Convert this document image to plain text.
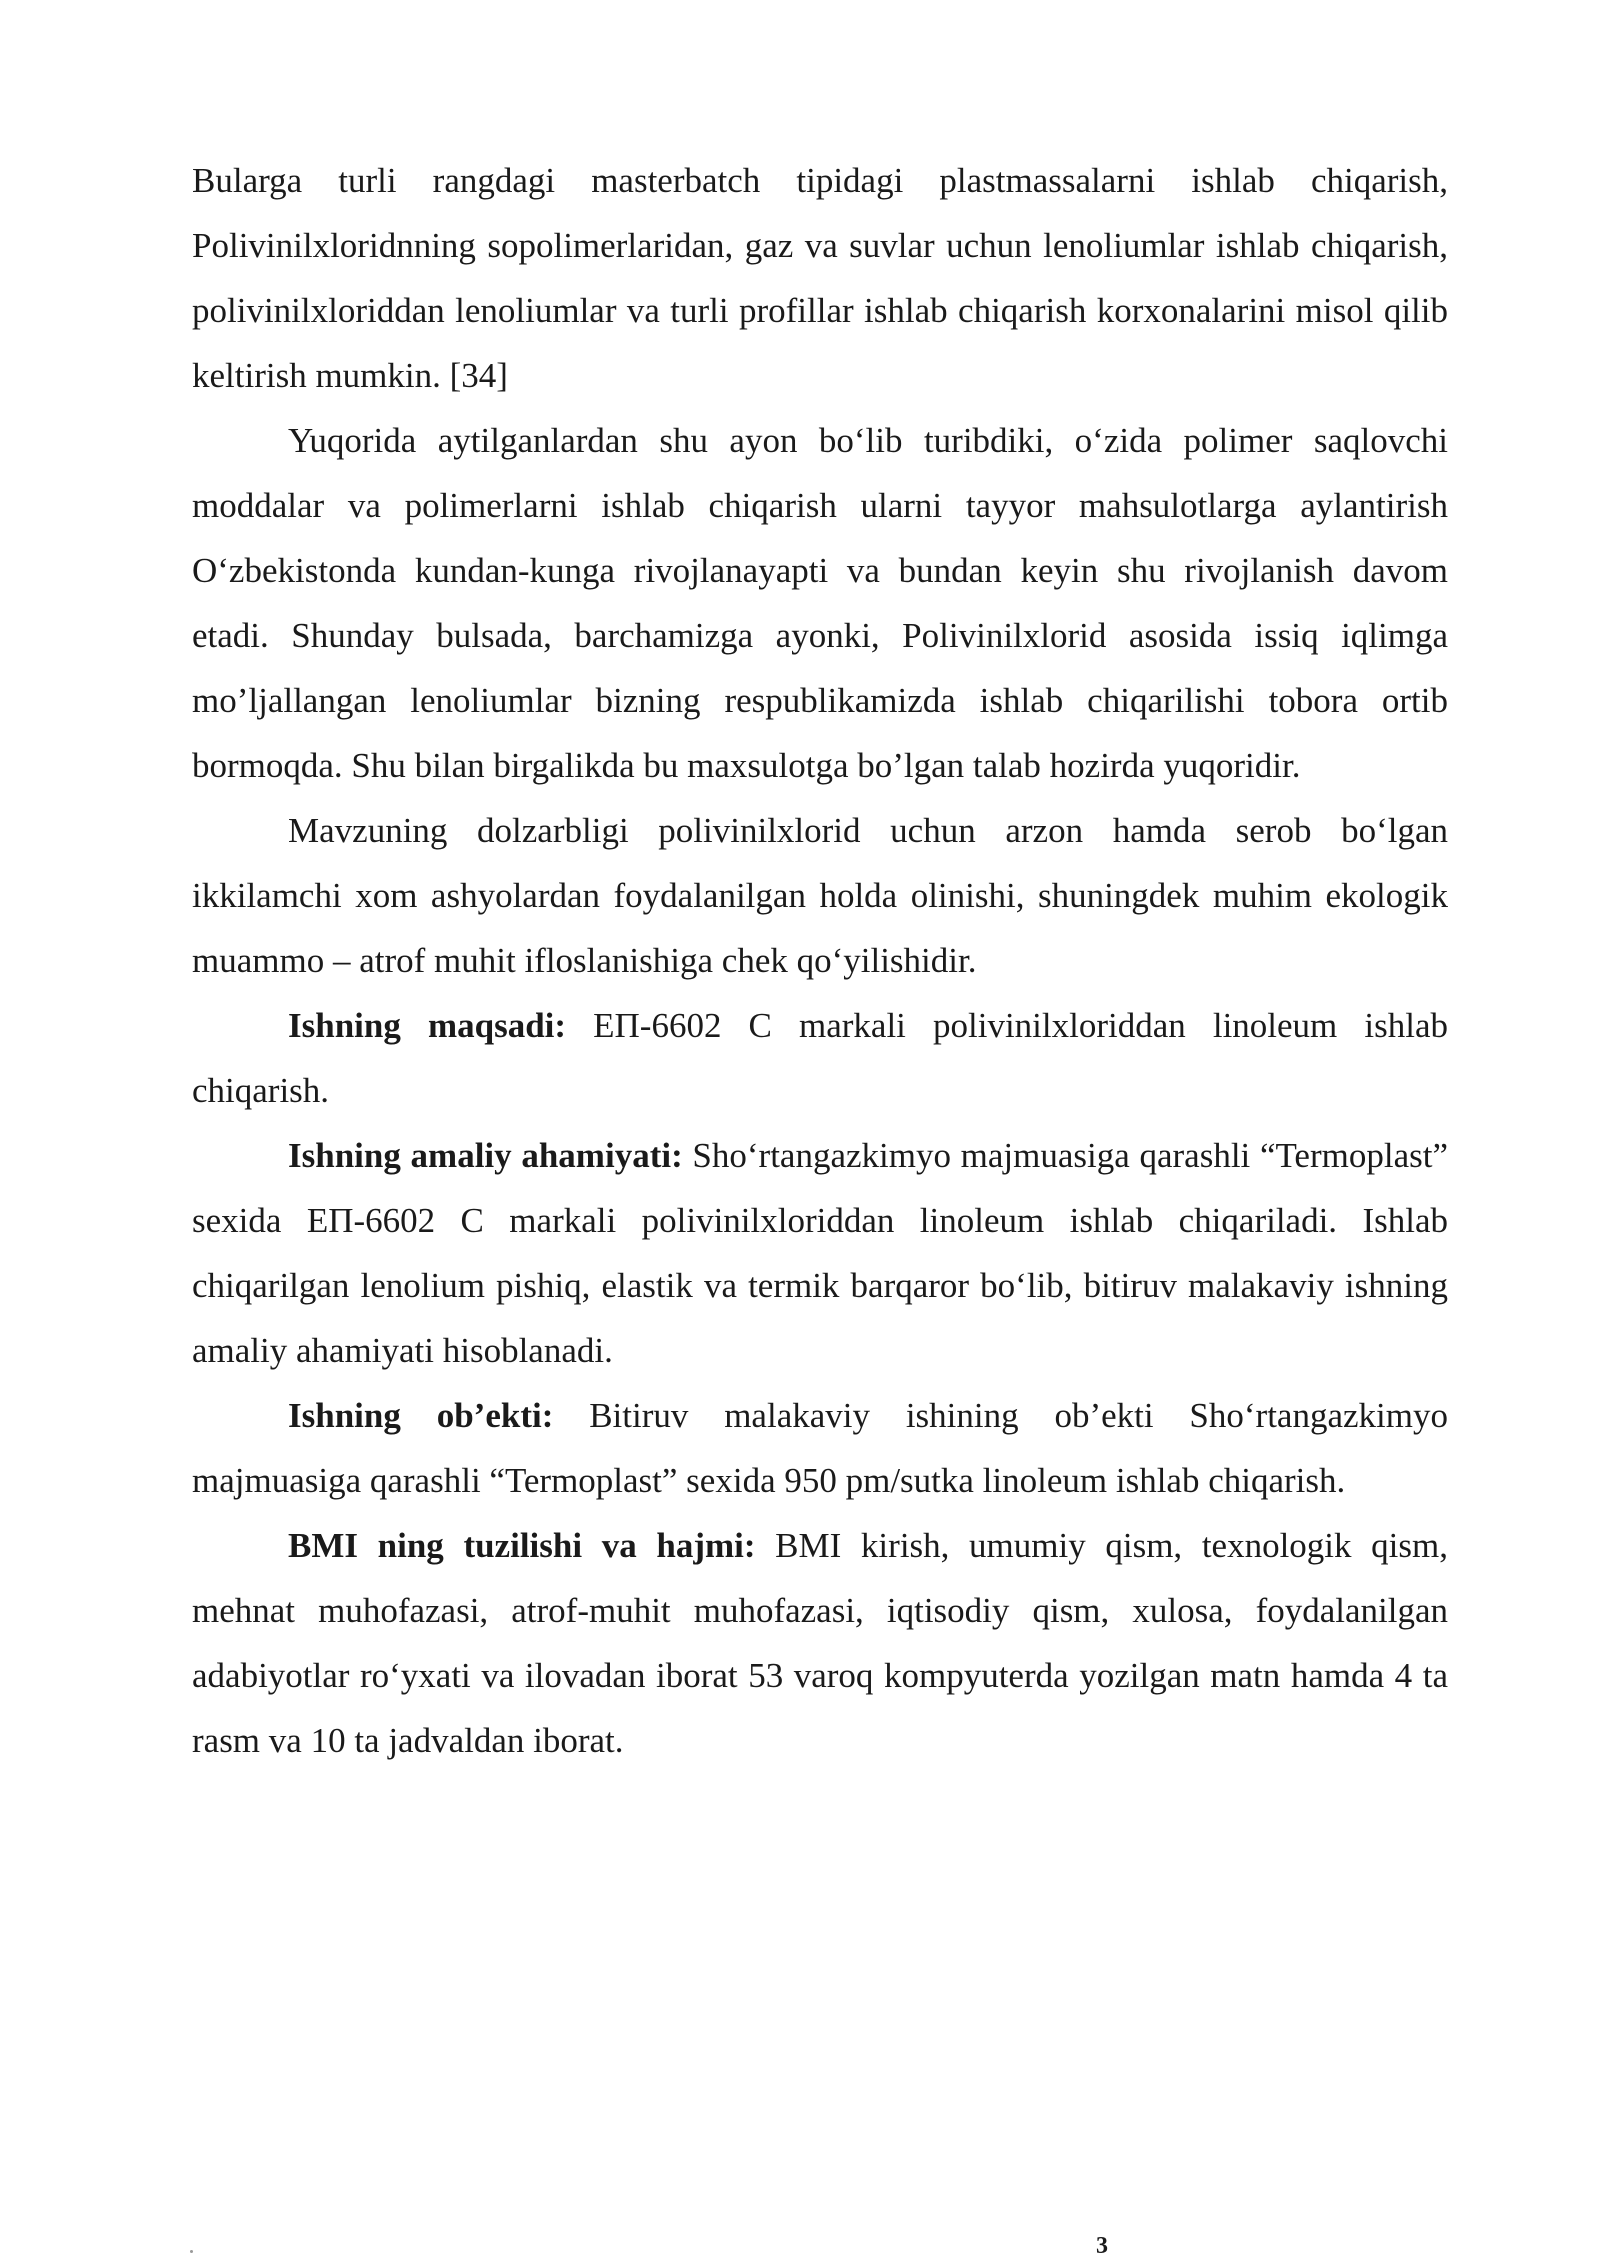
Bularga turli rangdagi masterbatch tipidagi plastmassalarni ishlab chiqarish, Polivinilxloridnning sopolimerlaridan, gaz va suvlar uchun lenoliumlar ishlab chiqarish, polivinilxloriddan lenoliumlar va turli profillar ishlab chiqarish korxonalarini misol qilib keltirish mumkin. [34]

Yuqorida aytilganlardan shu ayon bo‘lib turibdiki, o‘zida polimer saqlovchi moddalar va polimerlarni ishlab chiqarish ularni tayyor mahsulotlarga aylantirish O‘zbekistonda kundan-kunga rivojlanayapti va bundan keyin shu rivojlanish davom etadi. Shunday bulsada, barchamizga ayonki, Polivinilxlorid asosida issiq iqlimga mo’ljallangan lenoliumlar bizning respublikamizda ishlab chiqarilishi tobora ortib bormoqda. Shu bilan birgalikda bu maxsulotga bo’lgan talab hozirda yuqoridir.

Mavzuning dolzarbligi polivinilxlorid uchun arzon hamda serob bo‘lgan ikkilamchi xom ashyolardan foydalanilgan holda olinishi, shuningdek muhim ekologik muammo – atrof muhit ifloslanishiga chek qo‘yilishidir.

Ishning maqsadi: EП-6602 C markali polivinilxloriddan linoleum ishlab chiqarish.

Ishning amaliy ahamiyati: Sho‘rtangazkimyo majmuasiga qarashli “Termoplast” sexida EП-6602 C markali polivinilxloriddan linoleum ishlab chiqariladi. Ishlab chiqarilgan lenolium pishiq, elastik va termik barqaror bo‘lib, bitiruv malakaviy ishning amaliy ahamiyati hisoblanadi.

Ishning ob’ekti: Bitiruv malakaviy ishining ob’ekti Sho‘rtangazkimyo majmuasiga qarashli “Termoplast” sexida 950 pm/sutka linoleum ishlab chiqarish.

BMI ning tuzilishi va hajmi: BMI kirish, umumiy qism, texnologik qism, mehnat muhofazasi, atrof-muhit muhofazasi, iqtisodiy qism, xulosa, foydalanilgan adabiyotlar ro‘yxati va ilovadan iborat 53 varoq kompyuterda yozilgan matn hamda 4 ta rasm va 10 ta jadvaldan iborat.

3
